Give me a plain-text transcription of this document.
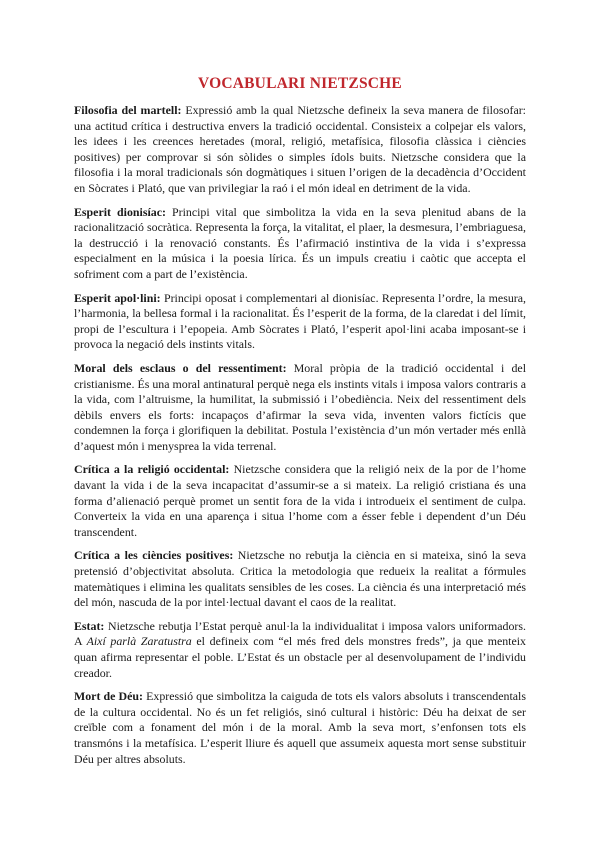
VOCABULARI NIETZSCHE

Filosofia del martell: Expressió amb la qual Nietzsche defineix la seva manera de filosofar: una actitud crítica i destructiva envers la tradició occidental. Consisteix a colpejar els valors, les idees i les creences heretades (moral, religió, metafísica, filosofia clàssica i ciències positives) per comprovar si són sòlides o simples ídols buits. Nietzsche considera que la filosofia i la moral tradicionals són dogmàtiques i situen l’origen de la decadència d’Occident en Sòcrates i Plató, que van privilegiar la raó i el món ideal en detriment de la vida.

Esperit dionisíac: Principi vital que simbolitza la vida en la seva plenitud abans de la racionalització socràtica. Representa la força, la vitalitat, el plaer, la desmesura, l’embriaguesa, la destrucció i la renovació constants. És l’afirmació instintiva de la vida i s’expressa especialment en la música i la poesia lírica. És un impuls creatiu i caòtic que accepta el sofriment com a part de l’existència.

Esperit apol·lini: Principi oposat i complementari al dionisíac. Representa l’ordre, la mesura, l’harmonia, la bellesa formal i la racionalitat. És l’esperit de la forma, de la claredat i del límit, propi de l’escultura i l’epopeia. Amb Sòcrates i Plató, l’esperit apol·lini acaba imposant-se i provoca la negació dels instints vitals.

Moral dels esclaus o del ressentiment: Moral pròpia de la tradició occidental i del cristianisme. És una moral antinatural perquè nega els instints vitals i imposa valors contraris a la vida, com l’altruisme, la humilitat, la submissió i l’obediència. Neix del ressentiment dels dèbils envers els forts: incapaços d’afirmar la seva vida, inventen valors fictícis que condemnen la força i glorifiquen la debilitat. Postula l’existència d’un món vertader més enllà d’aquest món i menysprea la vida terrenal.

Crítica a la religió occidental: Nietzsche considera que la religió neix de la por de l’home davant la vida i de la seva incapacitat d’assumir-se a si mateix. La religió cristiana és una forma d’alienació perquè promet un sentit fora de la vida i introdueix el sentiment de culpa. Converteix la vida en una aparença i situa l’home com a ésser feble i dependent d’un Déu transcendent.

Crítica a les ciències positives: Nietzsche no rebutja la ciència en si mateixa, sinó la seva pretensió d’objectivitat absoluta. Critica la metodologia que redueix la realitat a fórmules matemàtiques i elimina les qualitats sensibles de les coses. La ciència és una interpretació més del món, nascuda de la por intel·lectual davant el caos de la realitat.

Estat: Nietzsche rebutja l’Estat perquè anul·la la individualitat i imposa valors uniformadors. A Així parlà Zaratustra el defineix com “el més fred dels monstres freds”, ja que menteix quan afirma representar el poble. L’Estat és un obstacle per al desenvolupament de l’individu creador.

Mort de Déu: Expressió que simbolitza la caiguda de tots els valors absoluts i transcendentals de la cultura occidental. No és un fet religiós, sinó cultural i històric: Déu ha deixat de ser creïble com a fonament del món i de la moral. Amb la seva mort, s’enfonsen tots els transmóns i la metafísica. L’esperit lliure és aquell que assumeix aquesta mort sense substituir Déu per altres absoluts.
